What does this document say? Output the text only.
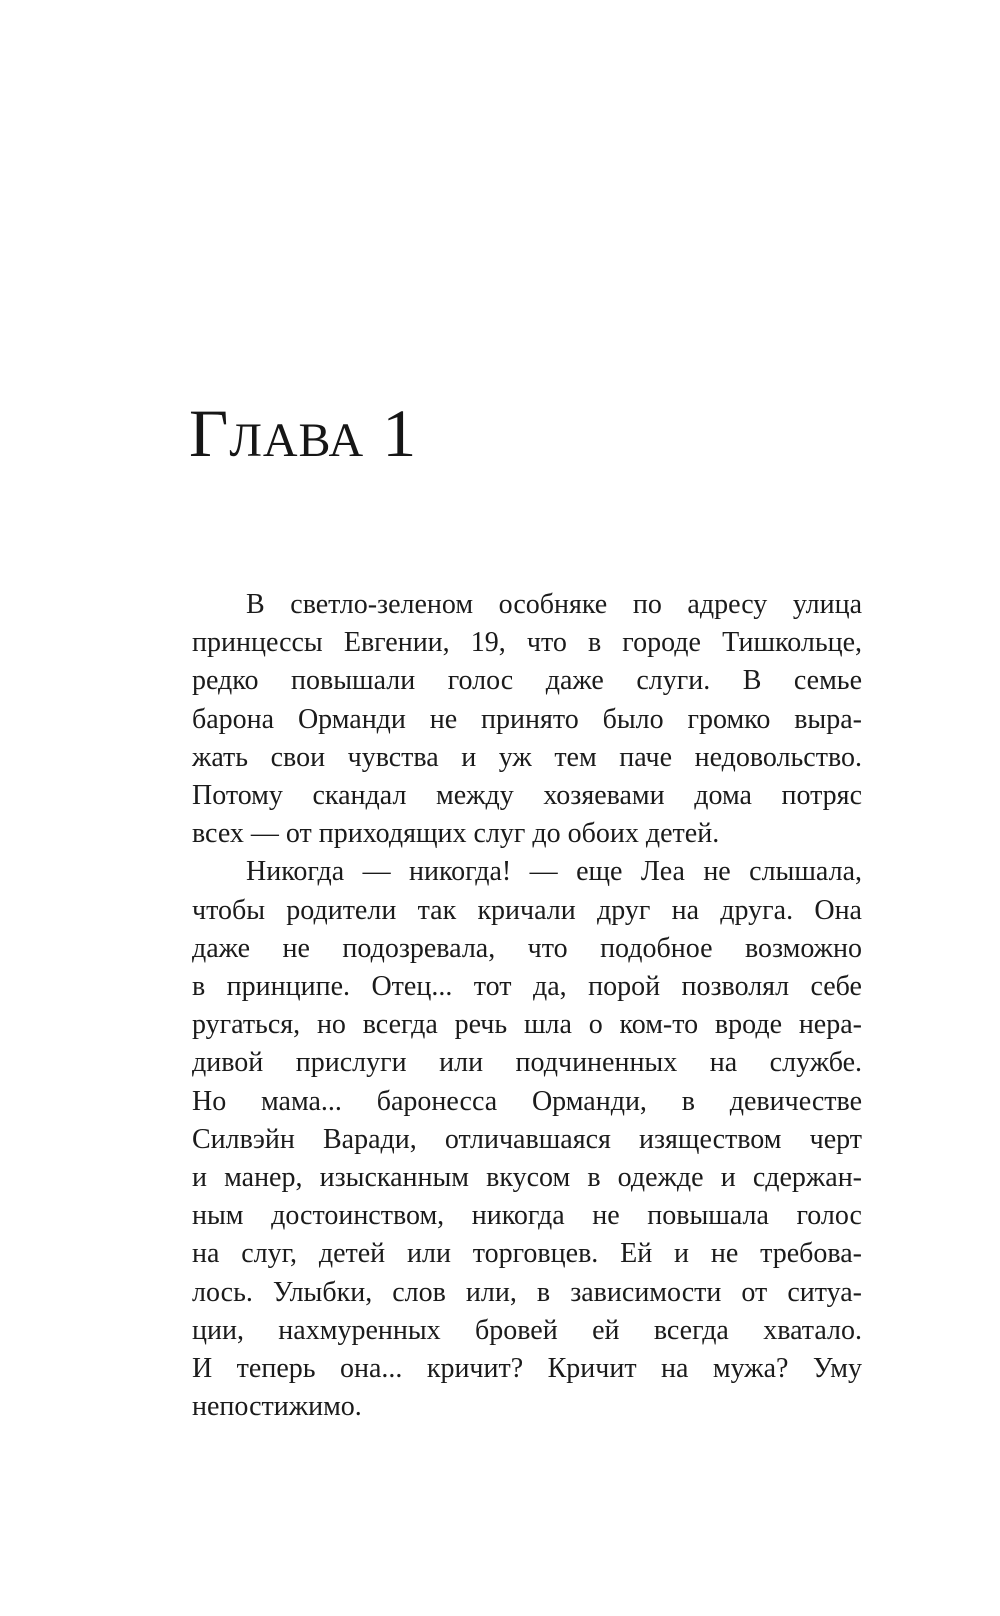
Глава 1
В светло-зеленом особняке по адресу улица
принцессы Евгении, 19, что в городе Тишкольце,
редко повышали голос даже слуги. В семье
барона Орманди не принято было громко выра-
жать свои чувства и уж тем паче недовольство.
Потому скандал между хозяевами дома потряс
всех — от приходящих слуг до обоих детей.
Никогда — никогда! — еще Леа не слышала,
чтобы родители так кричали друг на друга. Она
даже не подозревала, что подобное возможно
в принципе. Отец... тот да, порой позволял себе
ругаться, но всегда речь шла о ком-то вроде нера-
дивой прислуги или подчиненных на службе.
Но мама... баронесса Орманди, в девичестве
Силвэйн Варади, отличавшаяся изяществом черт
и манер, изысканным вкусом в одежде и сдержан-
ным достоинством, никогда не повышала голос
на слуг, детей или торговцев. Ей и не требова-
лось. Улыбки, слов или, в зависимости от ситуа-
ции, нахмуренных бровей ей всегда хватало.
И теперь она... кричит? Кричит на мужа? Уму
непостижимо.
